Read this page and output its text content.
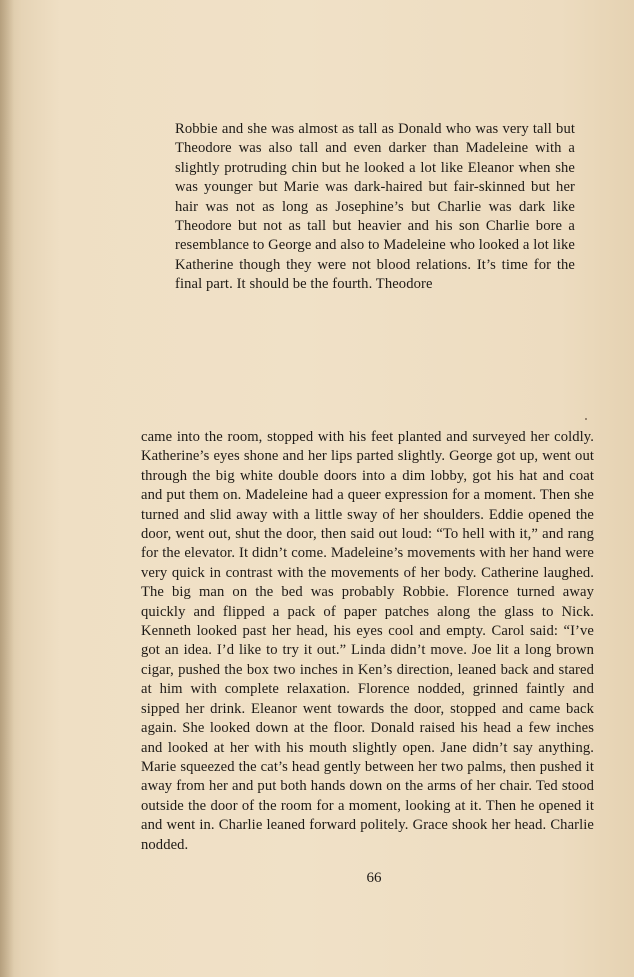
Robbie and she was almost as tall as Donald who was very tall but Theodore was also tall and even darker than Madeleine with a slightly protruding chin but he looked a lot like Eleanor when she was younger but Marie was dark-haired but fair-skinned but her hair was not as long as Josephine’s but Charlie was dark like Theodore but not as tall but heavier and his son Charlie bore a resemblance to George and also to Madeleine who looked a lot like Katherine though they were not blood relations. It’s time for the final part. It should be the fourth. Theodore

came into the room, stopped with his feet planted and surveyed her coldly. Katherine’s eyes shone and her lips parted slightly. George got up, went out through the big white double doors into a dim lobby, got his hat and coat and put them on. Madeleine had a queer expression for a moment. Then she turned and slid away with a little sway of her shoulders. Eddie opened the door, went out, shut the door, then said out loud: “To hell with it,” and rang for the elevator. It didn’t come. Madeleine’s movements with her hand were very quick in contrast with the movements of her body. Catherine laughed. The big man on the bed was probably Robbie. Florence turned away quickly and flipped a pack of paper patches along the glass to Nick. Kenneth looked past her head, his eyes cool and empty. Carol said: “I’ve got an idea. I’d like to try it out.” Linda didn’t move. Joe lit a long brown cigar, pushed the box two inches in Ken’s direction, leaned back and stared at him with complete relaxation. Florence nodded, grinned faintly and sipped her drink. Eleanor went towards the door, stopped and came back again. She looked down at the floor. Donald raised his head a few inches and looked at her with his mouth slightly open. Jane didn’t say anything. Marie squeezed the cat’s head gently between her two palms, then pushed it away from her and put both hands down on the arms of her chair. Ted stood outside the door of the room for a moment, looking at it. Then he opened it and went in. Charlie leaned forward politely. Grace shook her head. Charlie nodded.

66
